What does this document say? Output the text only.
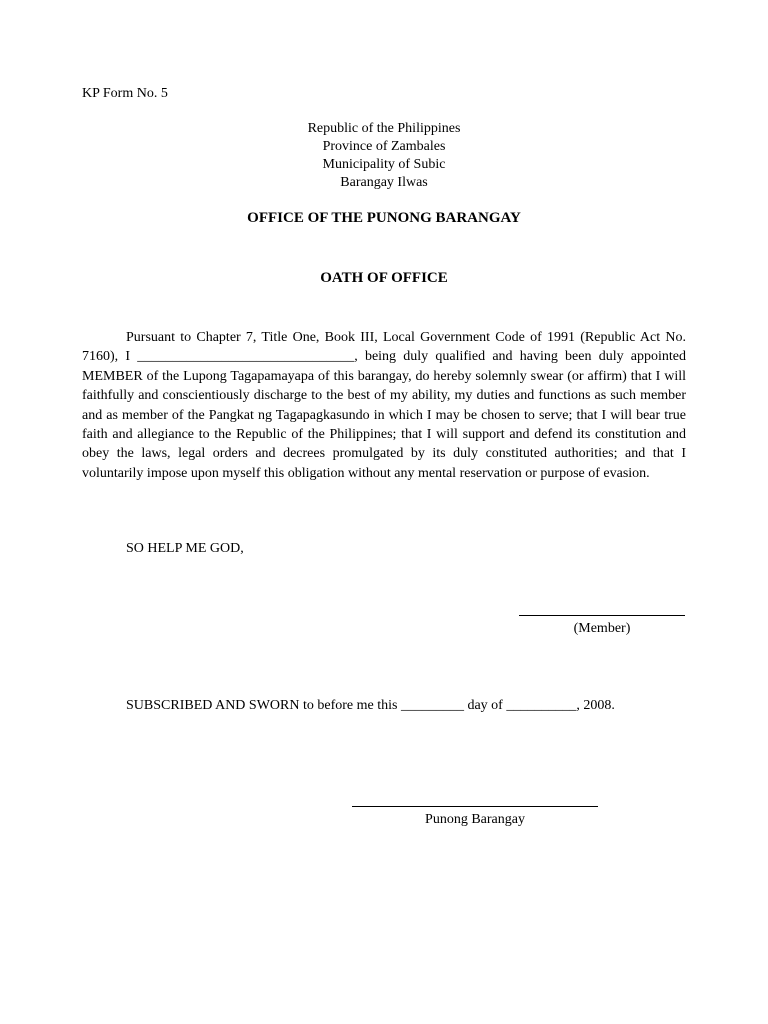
KP Form No. 5
Republic of the Philippines
Province of Zambales
Municipality of Subic
Barangay Ilwas
OFFICE OF THE PUNONG BARANGAY
OATH OF OFFICE
Pursuant to Chapter 7, Title One, Book III, Local Government Code of 1991 (Republic Act No. 7160), I _______________________________, being duly qualified and having been duly appointed MEMBER of the Lupong Tagapamayapa of this barangay, do hereby solemnly swear (or affirm) that I will faithfully and conscientiously discharge to the best of my ability, my duties and functions as such member and as member of the Pangkat ng Tagapagkasundo in which I may be chosen to serve; that I will bear true faith and allegiance to the Republic of the Philippines; that I will support and defend its constitution and obey the laws, legal orders and decrees promulgated by its duly constituted authorities; and that I voluntarily impose upon myself this obligation without any mental reservation or purpose of evasion.
SO HELP ME GOD,
(Member)
SUBSCRIBED AND SWORN to before me this _________ day of __________, 2008.
Punong Barangay
